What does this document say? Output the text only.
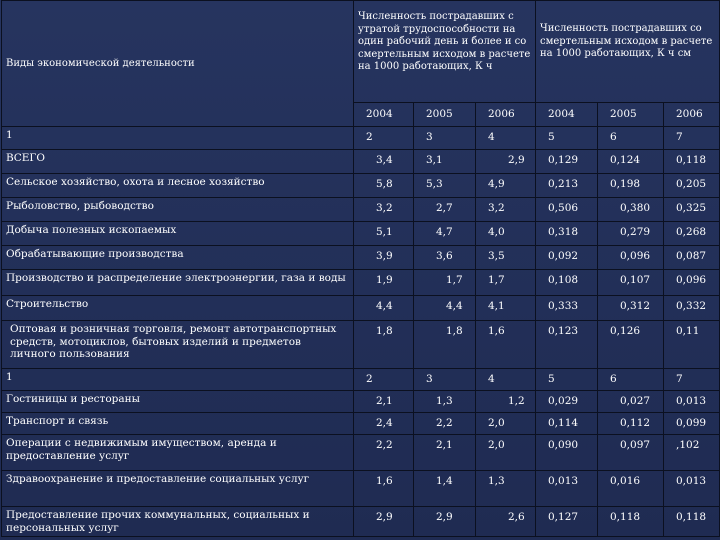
Виды экономической деятельности	Численность пострадавших с утратой трудоспособности на один рабочий день и более и со смертельным исходом в расчете на 1000 работающих, К ч			Численность пострадавших со смертельным исходом в расчете на 1000 работающих, К ч см		
	2004	2005	2006	2004	2005	2006
1	2	3	4	5	6	7
ВСЕГО	3,4	3,1	2,9	0,129	0,124	0,118
Сельское хозяйство, охота и лесное хозяйство	5,8	5,3	4,9	0,213	0,198	0,205
Рыболовство, рыбоводство	3,2	2,7	3,2	0,506	0,380	0,325
Добыча полезных ископаемых	5,1	4,7	4,0	0,318	0,279	0,268
Обрабатывающие производства	3,9	3,6	3,5	0,092	0,096	0,087
Производство и распределение электроэнергии, газа и воды	1,9	1,7	1,7	0,108	0,107	0,096
Строительство	4,4	4,4	4,1	0,333	0,312	0,332
Оптовая и розничная торговля, ремонт автотранспортных средств, мотоциклов, бытовых изделий и предметов личного пользования	1,8	1,8	1,6	0,123	0,126	0,11
1	2	3	4	5	6	7
Гостиницы и рестораны	2,1	1,3	1,2	0,029	0,027	0,013
Транспорт и связь	2,4	2,2	2,0	0,114	0,112	0,099
Операции с недвижимым имуществом, аренда и предоставление услуг	2,2	2,1	2,0	0,090	0,097	,102
Здравоохранение и предоставление социальных услуг	1,6	1,4	1,3	0,013	0,016	0,013
Предоставление прочих коммунальных, социальных и персональных услуг	2,9	2,9	2,6	0,127	0,118	0,118
